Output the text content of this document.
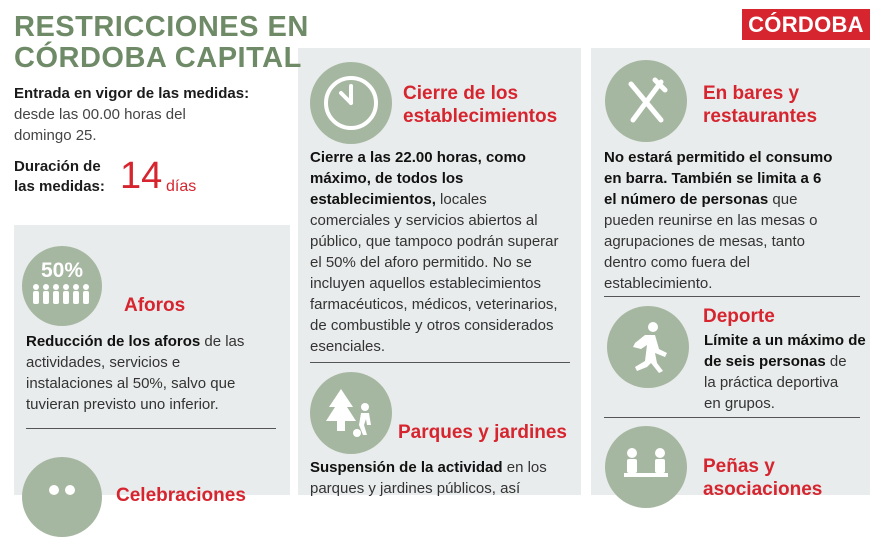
RESTRICCIONES EN
CÓRDOBA CAPITAL
CÓRDOBA
Entrada en vigor de las medidas:
desde las 00.00 horas del
domingo 25.
Duración de
las medidas: 14 días
50%
Aforos
Reducción de los aforos de las
actividades, servicios e
instalaciones al 50%, salvo que
tuvieran previsto uno inferior.
Celebraciones
Cierre de los
establecimientos
Cierre a las 22.00 horas, como
máximo, de todos los
establecimientos, locales
comerciales y servicios abiertos al
público, que tampoco podrán superar
el 50% del aforo permitido. No se
incluyen aquellos establecimientos
farmacéuticos, médicos, veterinarios,
de combustible y otros considerados
esenciales.
Parques y jardines
Suspensión de la actividad en los
parques y jardines públicos, así
En bares y
restaurantes
No estará permitido el consumo
en barra. También se limita a 6
el número de personas que
pueden reunirse en las mesas o
agrupaciones de mesas, tanto
dentro como fuera del
establecimiento.
Deporte
Límite a un máximo de
de seis personas de
la práctica deportiva
en grupos.
Peñas y
asociaciones
